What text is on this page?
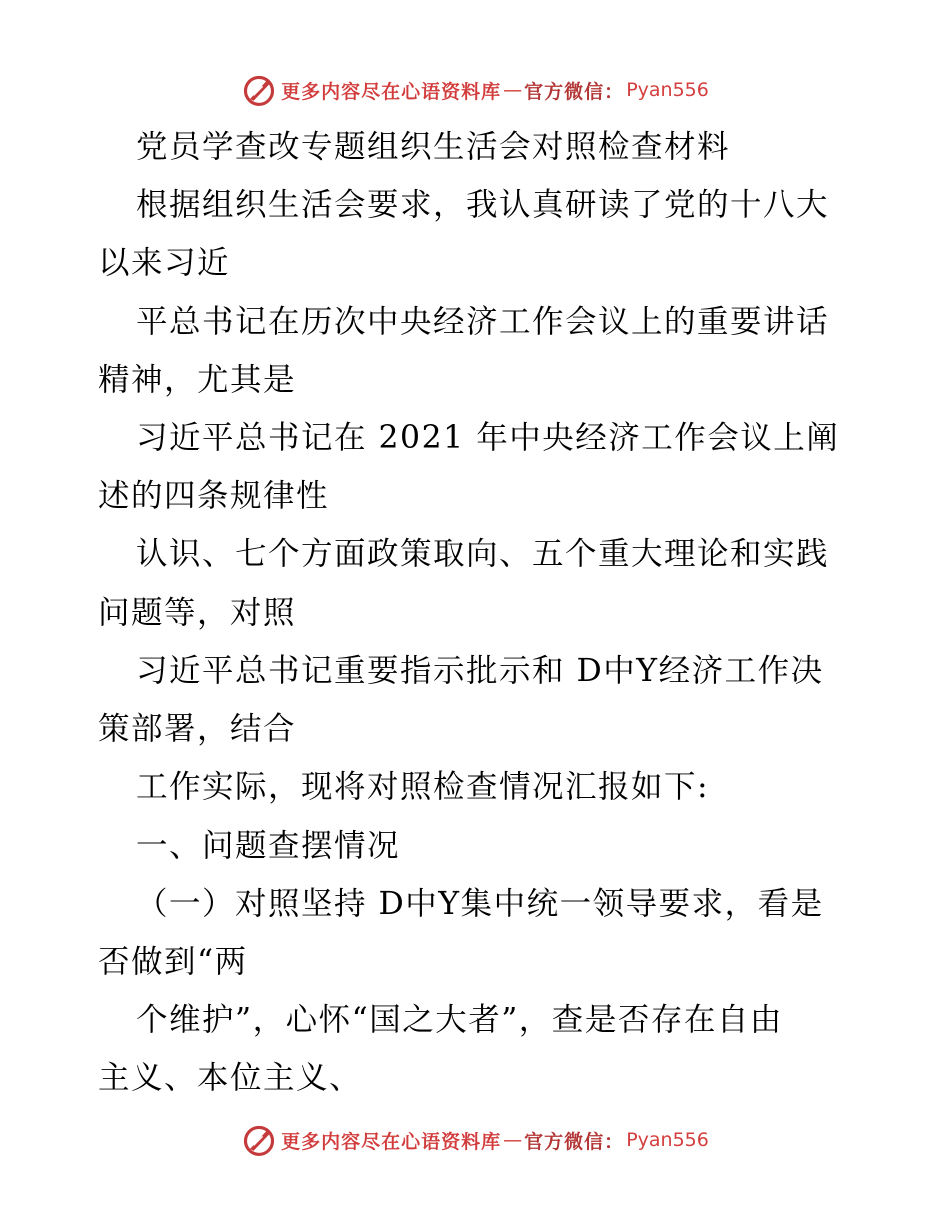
更多内容尽在心语资料库 — 官方微信： Pyan556
党员学查改专题组织生活会对照检查材料
根据组织生活会要求，我认真研读了党的十八大
以来习近
平总书记在历次中央经济工作会议上的重要讲话
精神，尤其是
习近平总书记在 2021 年中央经济工作会议上阐
述的四条规律性
认识、七个方面政策取向、五个重大理论和实践
问题等，对照
习近平总书记重要指示批示和 D中Y经济工作决
策部署，结合
工作实际，现将对照检查情况汇报如下:
一、问题查摆情况
（一）对照坚持 D中Y集中统一领导要求，看是
否做到“两
个维护”，心怀“国之大者”，查是否存在自由
主义、本位主义、
更多内容尽在心语资料库 — 官方微信： Pyan556
